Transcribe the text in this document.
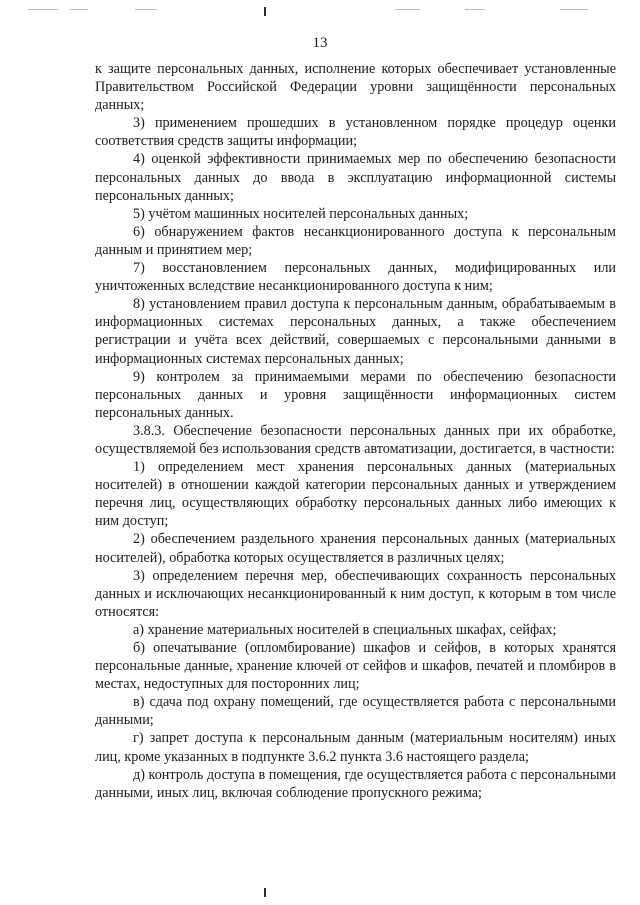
13

к защите персональных данных, исполнение которых обеспечивает установленные Правительством Российской Федерации уровни защищённости персональных данных;

3) применением прошедших в установленном порядке процедур оценки соответствия средств защиты информации;

4) оценкой эффективности принимаемых мер по обеспечению безопасности персональных данных до ввода в эксплуатацию информационной системы персональных данных;

5) учётом машинных носителей персональных данных;

6) обнаружением фактов несанкционированного доступа к персональным данным и принятием мер;

7) восстановлением персональных данных, модифицированных или уничтоженных вследствие несанкционированного доступа к ним;

8) установлением правил доступа к персональным данным, обрабатываемым в информационных системах персональных данных, а также обеспечением регистрации и учёта всех действий, совершаемых с персональными данными в информационных системах персональных данных;

9) контролем за принимаемыми мерами по обеспечению безопасности персональных данных и уровня защищённости информационных систем персональных данных.

3.8.3. Обеспечение безопасности персональных данных при их обработке, осуществляемой без использования средств автоматизации, достигается, в частности:

1) определением мест хранения персональных данных (материальных носителей) в отношении каждой категории персональных данных и утверждением перечня лиц, осуществляющих обработку персональных данных либо имеющих к ним доступ;

2) обеспечением раздельного хранения персональных данных (материальных носителей), обработка которых осуществляется в различных целях;

3) определением перечня мер, обеспечивающих сохранность персональных данных и исключающих несанкционированный к ним доступ, к которым в том числе относятся:

а) хранение материальных носителей в специальных шкафах, сейфах;

б) опечатывание (опломбирование) шкафов и сейфов, в которых хранятся персональные данные, хранение ключей от сейфов и шкафов, печатей и пломбиров в местах, недоступных для посторонних лиц;

в) сдача под охрану помещений, где осуществляется работа с персональными данными;

г) запрет доступа к персональным данным (материальным носителям) иных лиц, кроме указанных в подпункте 3.6.2 пункта 3.6 настоящего раздела;

д) контроль доступа в помещения, где осуществляется работа с персональными данными, иных лиц, включая соблюдение пропускного режима;
